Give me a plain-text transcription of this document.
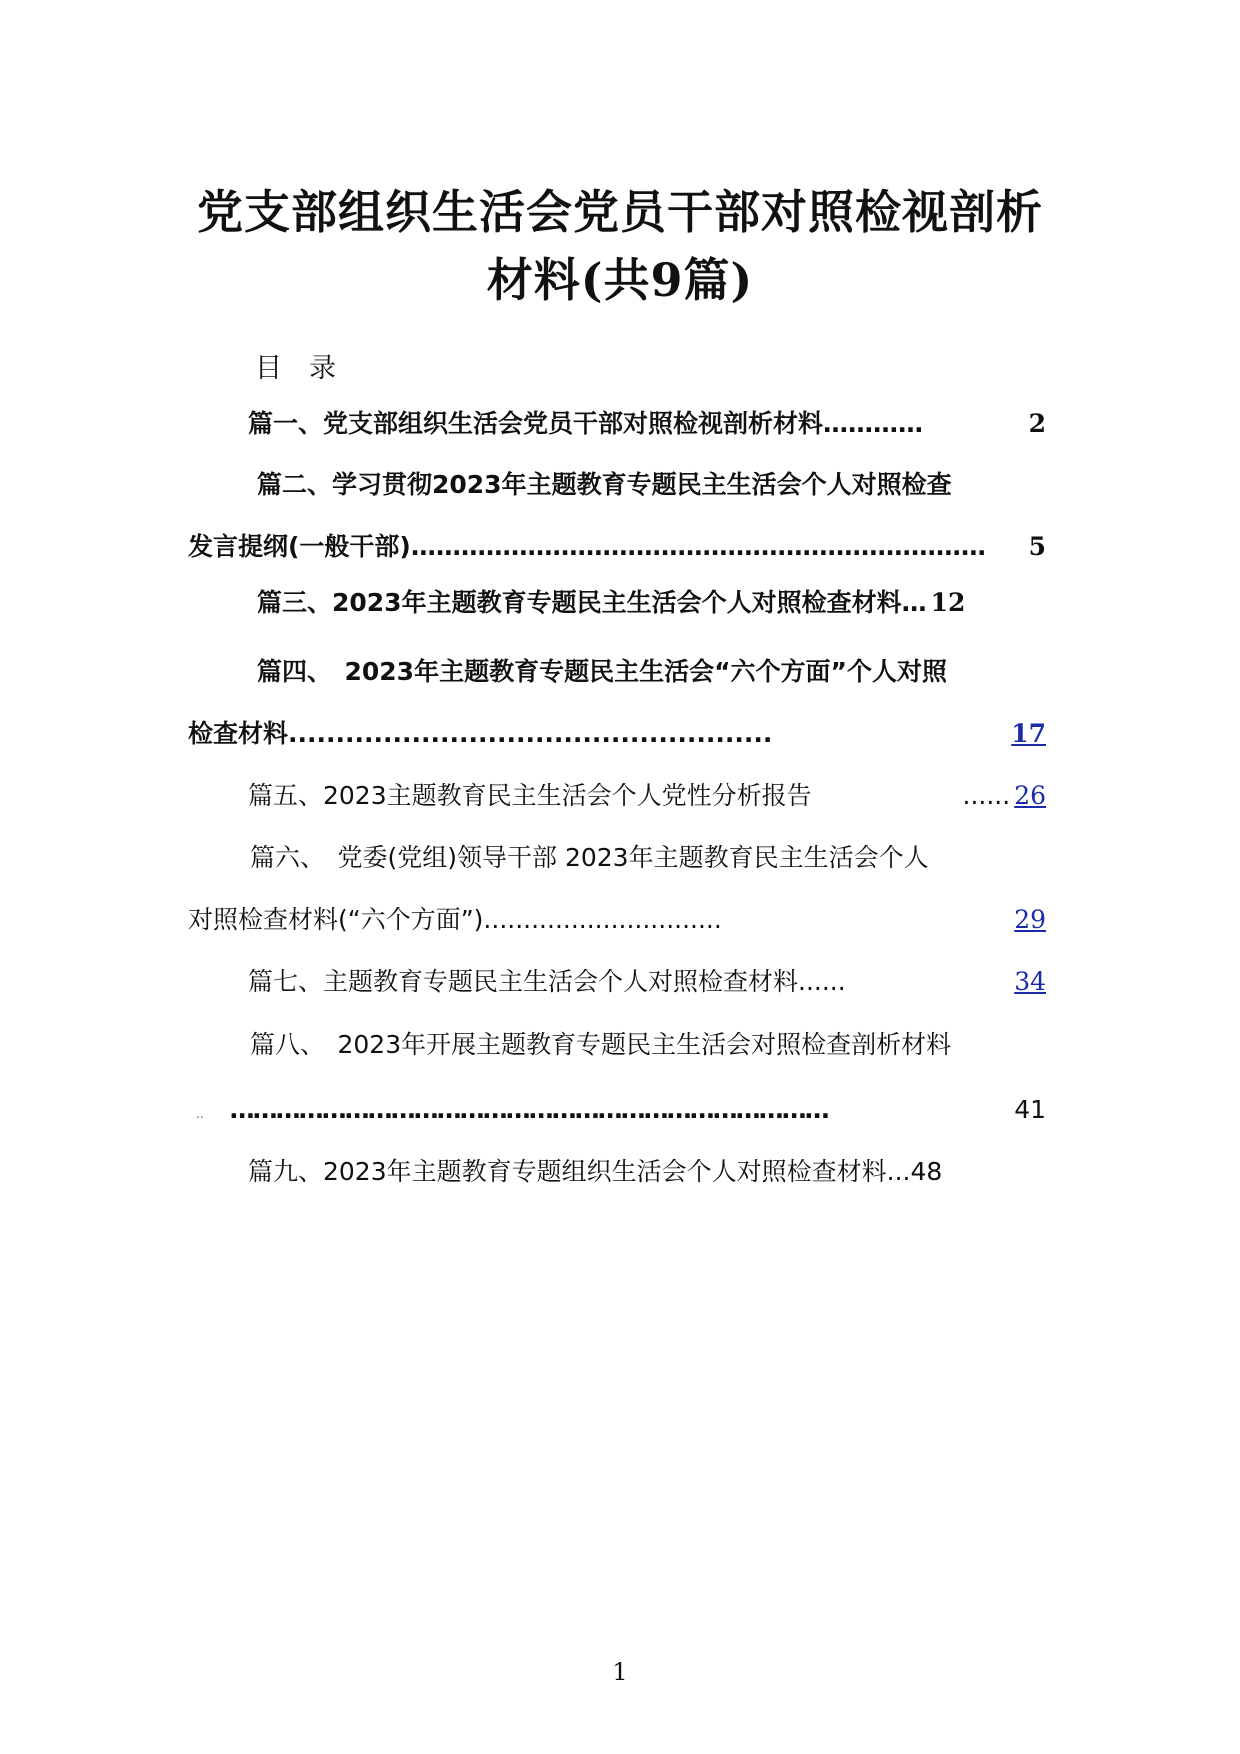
党支部组织生活会党员干部对照检视剖析
材料(共9篇)
目　录
篇一、党支部组织生活会党员干部对照检视剖析材料 …………	2
篇二、学习贯彻2023年主题教育专题民主生活会个人对照检查
发言提纲(一般干部) ……………………………………………………………	5
篇三、2023年主题教育专题民主生活会个人对照检查材料 … 12
篇四、　2023年主题教育专题民主生活会“六个方面”个人对照
检查材料 ...................................................	17
篇五、2023主题教育民主生活会个人党性分析报告	...... 26
篇六、　党委(党组)领导干部 2023年主题教育民主生活会个人
对照检查材料(“六个方面”) ..............................	29
篇七、主题教育专题民主生活会个人对照检查材料 ......	34
篇八、　2023年开展主题教育专题民主生活会对照检查剖析材料
.. ……………………………………………………………………	41
篇九、2023年主题教育专题组织生活会个人对照检查材料 ... 48
1
